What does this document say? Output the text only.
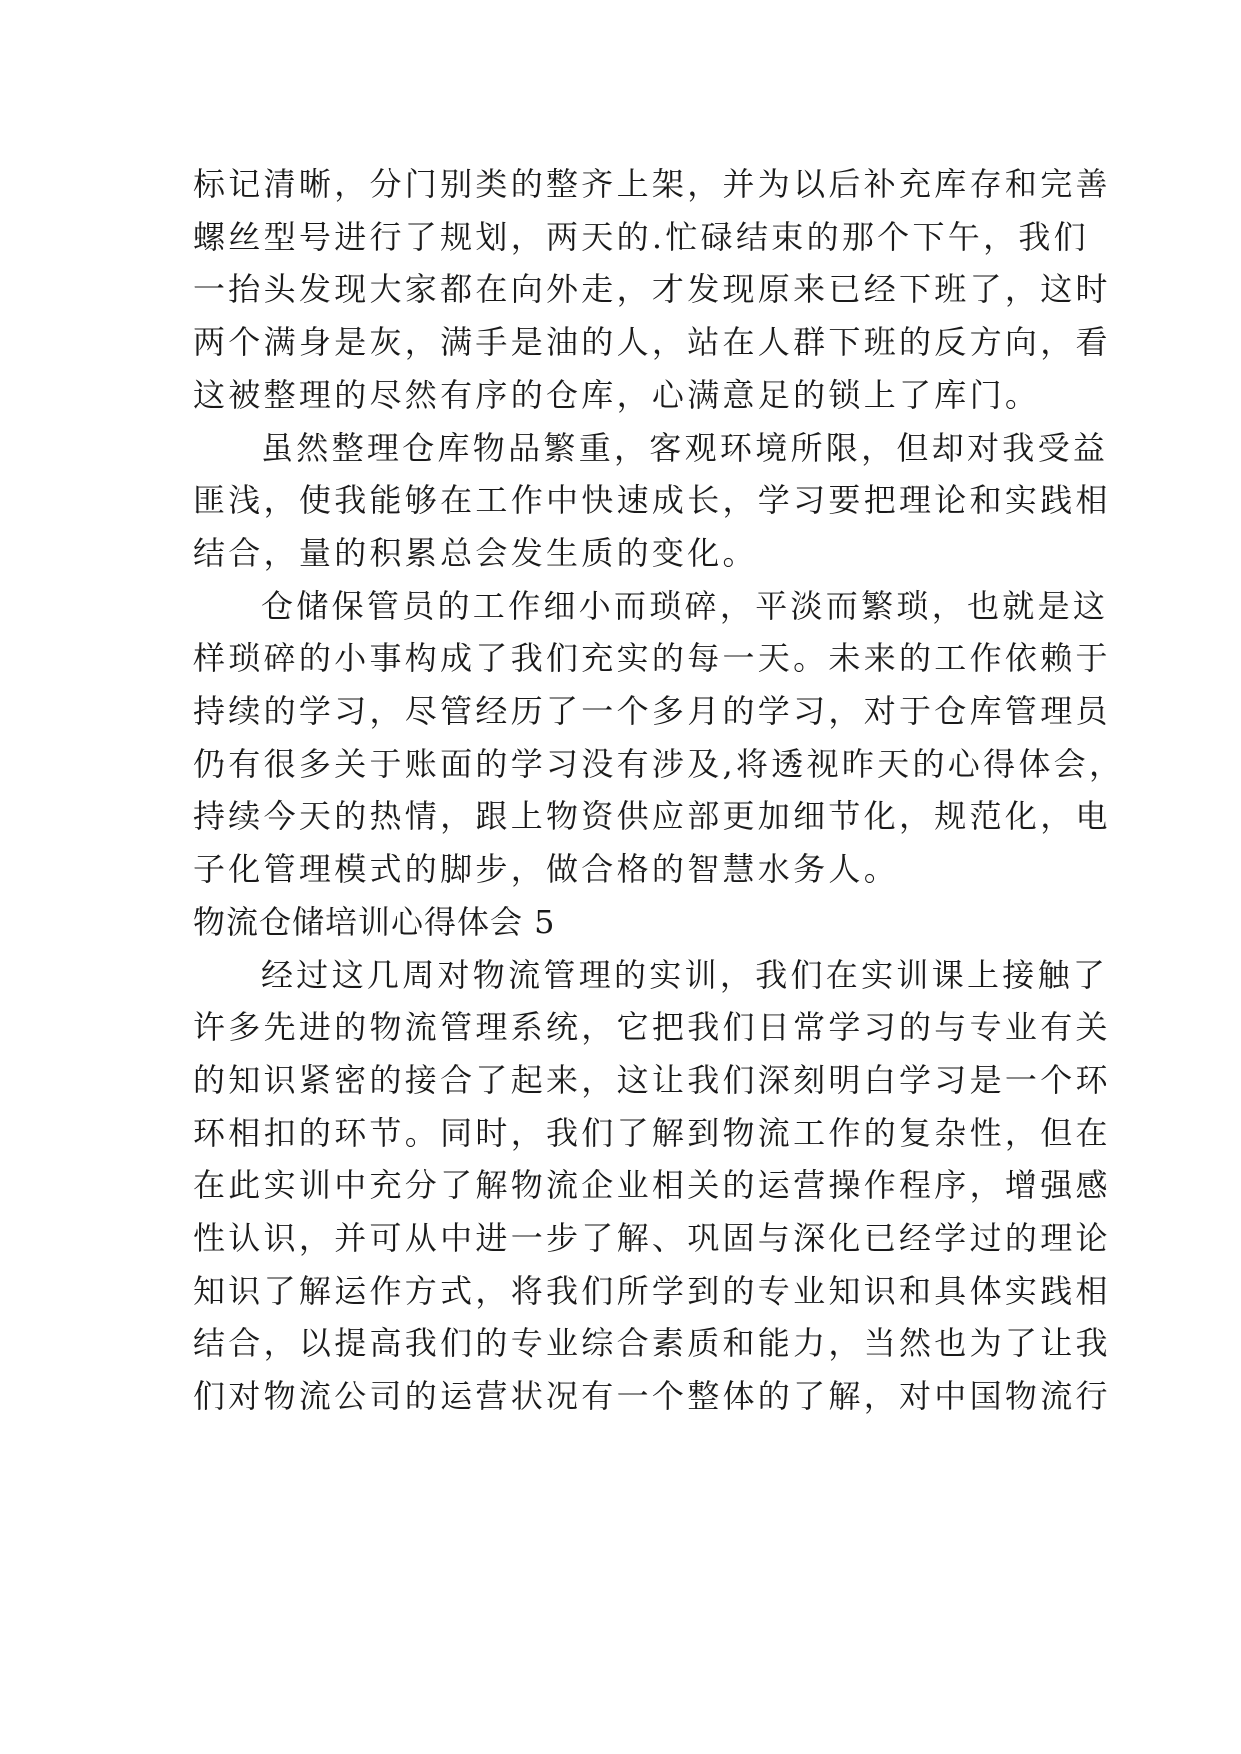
标记清晰，分门别类的整齐上架，并为以后补充库存和完善
螺丝型号进行了规划，两天的.忙碌结束的那个下午，我们
一抬头发现大家都在向外走，才发现原来已经下班了，这时
两个满身是灰，满手是油的人，站在人群下班的反方向，看
这被整理的尽然有序的仓库，心满意足的锁上了库门。
虽然整理仓库物品繁重，客观环境所限，但却对我受益
匪浅，使我能够在工作中快速成长，学习要把理论和实践相
结合，量的积累总会发生质的变化。
仓储保管员的工作细小而琐碎，平淡而繁琐，也就是这
样琐碎的小事构成了我们充实的每一天。未来的工作依赖于
持续的学习，尽管经历了一个多月的学习，对于仓库管理员
仍有很多关于账面的学习没有涉及,将透视昨天的心得体会，
持续今天的热情，跟上物资供应部更加细节化，规范化，电
子化管理模式的脚步，做合格的智慧水务人。
物流仓储培训心得体会 5
经过这几周对物流管理的实训，我们在实训课上接触了
许多先进的物流管理系统，它把我们日常学习的与专业有关
的知识紧密的接合了起来，这让我们深刻明白学习是一个环
环相扣的环节。同时，我们了解到物流工作的复杂性，但在
在此实训中充分了解物流企业相关的运营操作程序，增强感
性认识，并可从中进一步了解、巩固与深化已经学过的理论
知识了解运作方式，将我们所学到的专业知识和具体实践相
结合，以提高我们的专业综合素质和能力，当然也为了让我
们对物流公司的运营状况有一个整体的了解，对中国物流行
